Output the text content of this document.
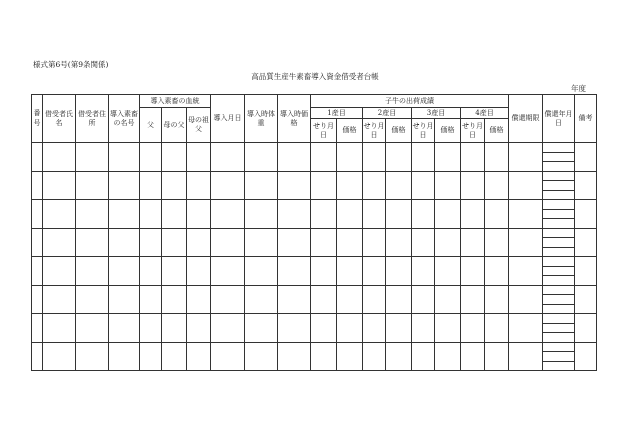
様式第6号(第9条関係)
高品質生産牛素畜導入資金借受者台帳
年度
番号	借受者氏名	借受者住所	導入素畜の名号	導入素畜の血統			導入月日	導入時体重	導入時価格	子牛の出荷成績								償還期限	償還年月日	備考
				父	母の父	母の祖父				1産目		2産目		3産目		4産目				
										せり月日	価格	せり月日	価格	せり月日	価格	せり月日	価格			
